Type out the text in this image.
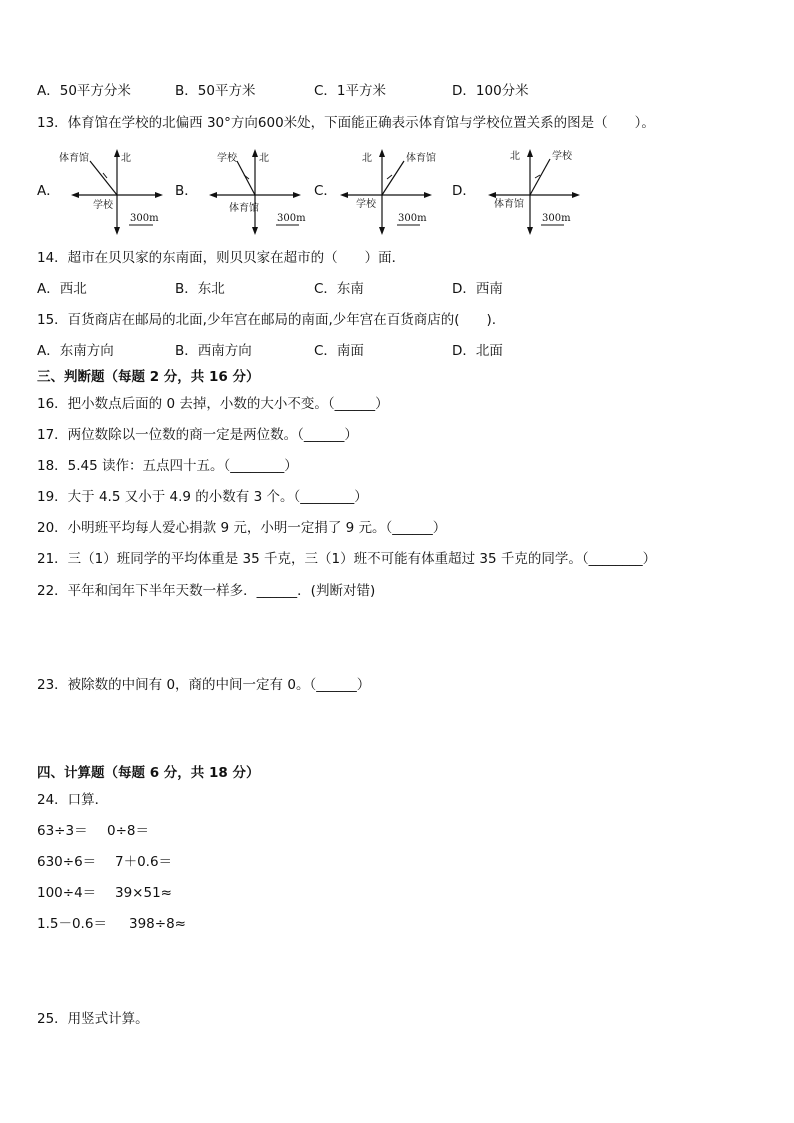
A．50平方分米	B．50平方米	C．1平方米	D．100分米
13．体育馆在学校的北偏西 30°方向600米处，下面能正确表示体育馆与学校位置关系的图是（　　）。
A．
北
体育馆
学校
300m
B．
北
学校
体育馆
300m
C．
北	体育馆
学校
300m
D．
北	学校
体育馆
300m
14．超市在贝贝家的东南面，则贝贝家在超市的（　　）面．
A．西北	B．东北	C．东南	D．西南
15．百货商店在邮局的北面,少年宫在邮局的南面,少年宫在百货商店的(　　).
A．东南方向	B．西南方向	C．南面	D．北面
三、判断题（每题 2 分，共 16 分）
16．把小数点后面的 0 去掉，小数的大小不变。（______）
17．两位数除以一位数的商一定是两位数。（______）
18．5.45 读作：五点四十五。（________）
19．大于 4.5 又小于 4.9 的小数有 3 个。（________）
20．小明班平均每人爱心捐款 9 元，小明一定捐了 9 元。（______）
21．三（1）班同学的平均体重是 35 千克，三（1）班不可能有体重超过 35 千克的同学。（________）
22．平年和闰年下半年天数一样多．______．(判断对错)
23．被除数的中间有 0，商的中间一定有 0。（______）
四、计算题（每题 6 分，共 18 分）
24．口算．
63÷3＝ 0÷8＝
630÷6＝ 7＋0.6＝
100÷4＝ 39×51≈
1.5－0.6＝ 398÷8≈
25．用竖式计算。
